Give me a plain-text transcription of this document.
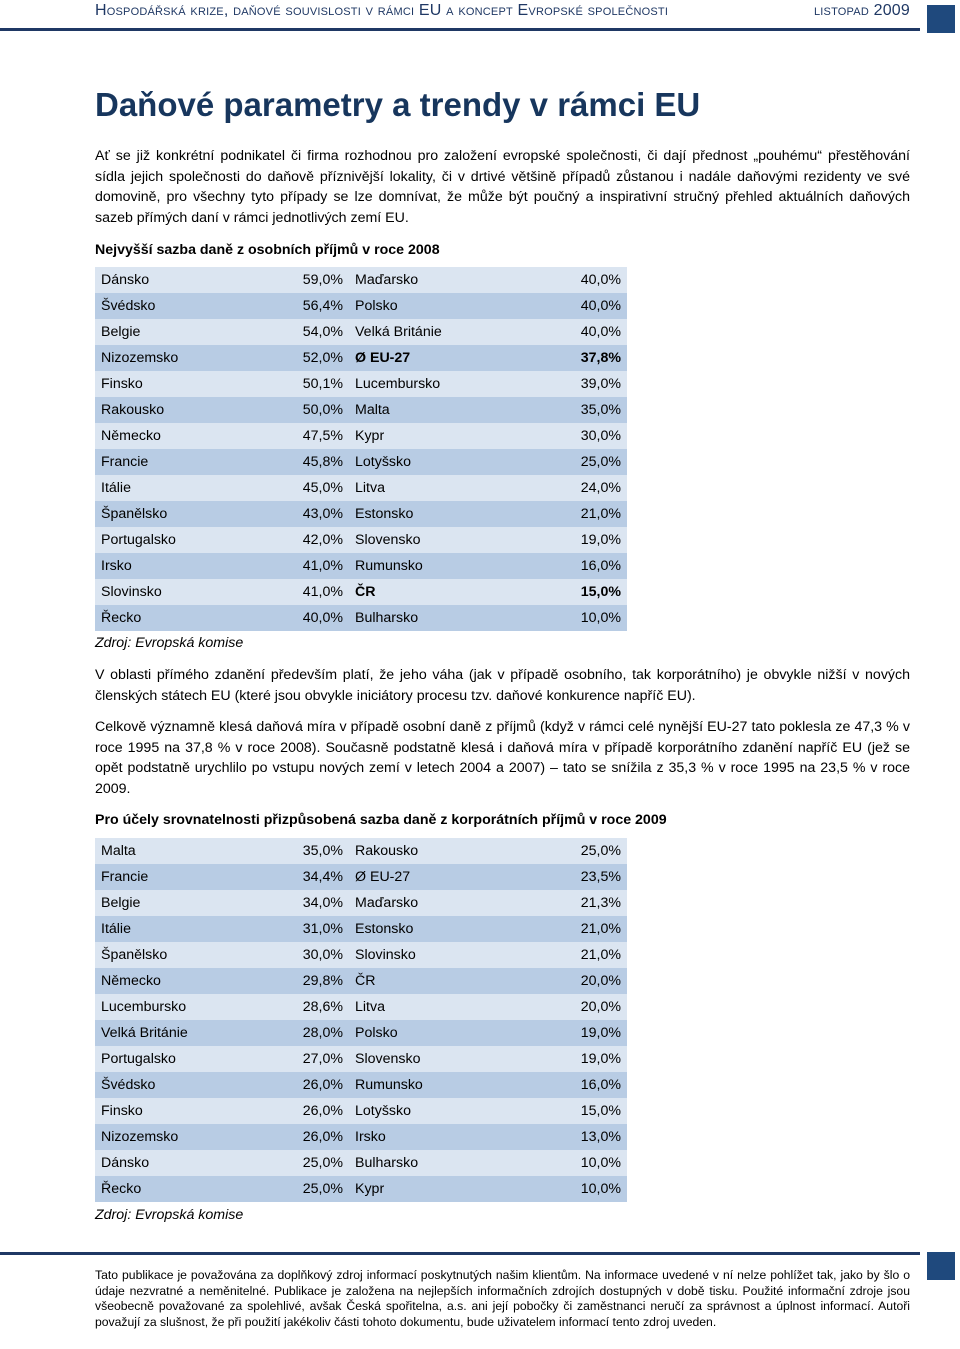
Hospodářská krize, daňové souvislosti v rámci EU a koncept Evropské společnosti	listopad 2009
Daňové parametry a trendy v rámci EU

Ať se již konkrétní podnikatel či firma rozhodnou pro založení evropské společnosti, či dají přednost „pouhému“ přestěhování sídla jejich společnosti do daňově příznivější lokality, či v drtivé většině případů zůstanou i nadále daňovými rezidenty ve své domovině, pro všechny tyto případy se lze domnívat, že může být poučný a inspirativní stručný přehled aktuálních daňových sazeb přímých daní v rámci jednotlivých zemí EU.

Nejvyšší sazba daně z osobních příjmů v roce 2008

Dánsko	59,0%	Maďarsko	40,0%
Švédsko	56,4%	Polsko	40,0%
Belgie	54,0%	Velká Británie	40,0%
Nizozemsko	52,0%	Ø EU-27	37,8%
Finsko	50,1%	Lucembursko	39,0%
Rakousko	50,0%	Malta	35,0%
Německo	47,5%	Kypr	30,0%
Francie	45,8%	Lotyšsko	25,0%
Itálie	45,0%	Litva	24,0%
Španělsko	43,0%	Estonsko	21,0%
Portugalsko	42,0%	Slovensko	19,0%
Irsko	41,0%	Rumunsko	16,0%
Slovinsko	41,0%	ČR	15,0%
Řecko	40,0%	Bulharsko	10,0%

Zdroj: Evropská komise

V oblasti přímého zdanění především platí, že jeho váha (jak v případě osobního, tak korporátního) je obvykle nižší v nových členských státech EU (které jsou obvykle iniciátory procesu tzv. daňové konkurence napříč EU).

Celkově významně klesá daňová míra v případě osobní daně z příjmů (když v rámci celé nynější EU-27 tato poklesla ze 47,3 % v roce 1995 na 37,8 % v roce 2008). Současně podstatně klesá i daňová míra v případě korporátního zdanění napříč EU (jež se opět podstatně urychlilo po vstupu nových zemí v letech 2004 a 2007) – tato se snížila z 35,3 % v roce 1995 na 23,5 % v roce 2009.

Pro účely srovnatelnosti přizpůsobená sazba daně z korporátních příjmů v roce 2009

Malta	35,0%	Rakousko	25,0%
Francie	34,4%	Ø EU-27	23,5%
Belgie	34,0%	Maďarsko	21,3%
Itálie	31,0%	Estonsko	21,0%
Španělsko	30,0%	Slovinsko	21,0%
Německo	29,8%	ČR	20,0%
Lucembursko	28,6%	Litva	20,0%
Velká Británie	28,0%	Polsko	19,0%
Portugalsko	27,0%	Slovensko	19,0%
Švédsko	26,0%	Rumunsko	16,0%
Finsko	26,0%	Lotyšsko	15,0%
Nizozemsko	26,0%	Irsko	13,0%
Dánsko	25,0%	Bulharsko	10,0%
Řecko	25,0%	Kypr	10,0%

Zdroj: Evropská komise

Tato publikace je považována za doplňkový zdroj informací poskytnutých našim klientům. Na informace uvedené v ní nelze pohlížet tak, jako by šlo o údaje nezvratné a neměnitelné. Publikace je založena na nejlepších informačních zdrojích dostupných v době tisku. Použité informační zdroje jsou všeobecně považované za spolehlivé, avšak Česká spořitelna, a.s. ani její pobočky či zaměstnanci neručí za správnost a úplnost informací. Autoři považují za slušnost, že při použití jakékoliv části tohoto dokumentu, bude uživatelem informací tento zdroj uveden.
